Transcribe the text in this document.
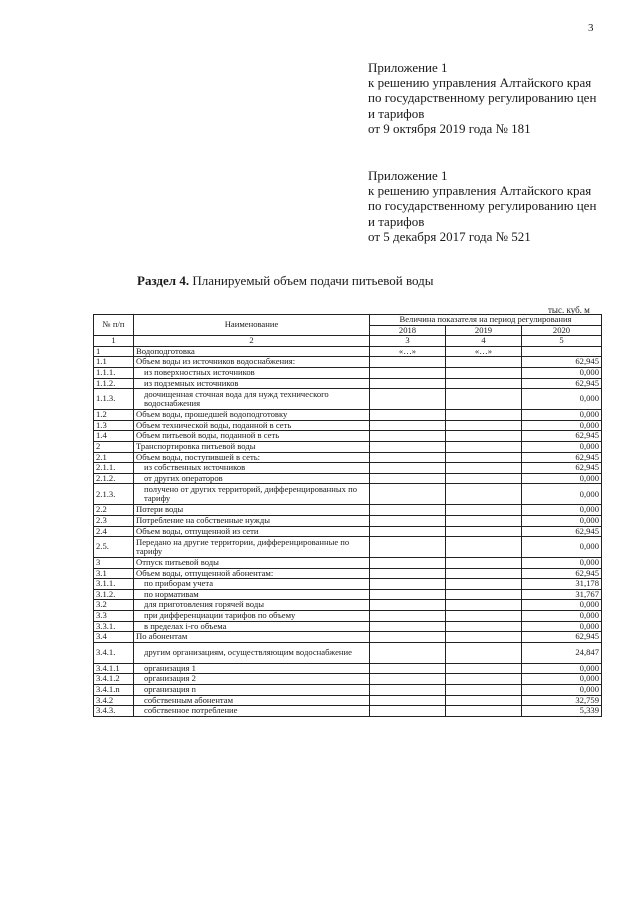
3
Приложение 1
к решению управления Алтайского края
по государственному регулированию цен
и тарифов
от 9 октября 2019 года № 181
Приложение 1
к решению управления Алтайского края
по государственному регулированию цен
и тарифов
от 5 декабря 2017 года № 521
Раздел 4. Планируемый объем подачи питьевой воды
тыс. куб. м
№ п/п	Наименование	Величина показателя на период регулирования		
		2018	2019	2020
1	2	3	4	5
1	Водоподготовка	«…»	«…»	
1.1	Объем воды из источников водоснабжения:			62,945
1.1.1.	из поверхностных источников			0,000
1.1.2.	из подземных источников			62,945
1.1.3.	доочищенная сточная вода для нужд технического водоснабжения			0,000
1.2	Объем воды, прошедшей водоподготовку			0,000
1.3	Объем технической воды, поданной в сеть			0,000
1.4	Объем питьевой воды, поданной в сеть			62,945
2	Транспортировка питьевой воды			0,000
2.1	Объем воды, поступившей в сеть:			62,945
2.1.1.	из собственных источников			62,945
2.1.2.	от других операторов			0,000
2.1.3.	получено от других территорий, дифференцированных по тарифу			0,000
2.2	Потери воды			0,000
2.3	Потребление на собственные нужды			0,000
2.4	Объем воды, отпущенной из сети			62,945
2.5.	Передано на другие территории, дифференцированные по тарифу			0,000
3	Отпуск питьевой воды			0,000
3.1	Объем воды, отпущенной абонентам:			62,945
3.1.1.	по приборам учета			31,178
3.1.2.	по нормативам			31,767
3.2	для приготовления горячей воды			0,000
3.3	при дифференциации тарифов по объему			0,000
3.3.1.	в пределах i-го объема			0,000
3.4	По абонентам			62,945
3.4.1.	другим организациям, осуществляющим водоснабжение			24,847
3.4.1.1	организация 1			0,000
3.4.1.2	организация 2			0,000
3.4.1.n	организация n			0,000
3.4.2	собственным абонентам			32,759
3.4.3.	собственное потребление			5,339
